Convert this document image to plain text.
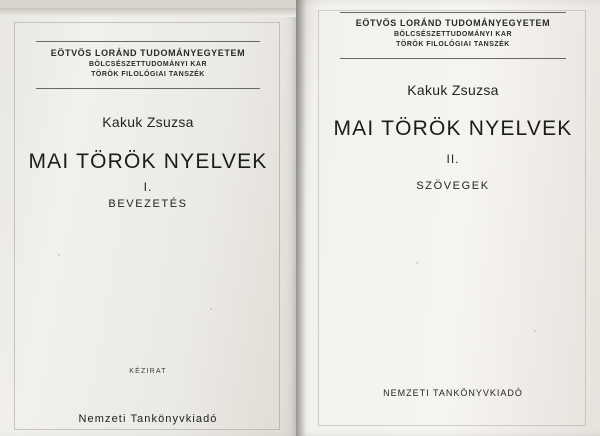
EÖTVÖS LORÁND TUDOMÁNYEGYETEM
BÖLCSÉSZETTUDOMÁNYI KAR
TÖRÖK FILOLÓGIAI TANSZÉK
Kakuk Zsuzsa
MAI TÖRÖK NYELVEK
I.
BEVEZETÉS
KÉZIRAT
Nemzeti Tankönyvkiadó
EÖTVÖS LORÁND TUDOMÁNYEGYETEM
BÖLCSÉSZETTUDOMÁNYI KAR
TÖRÖK FILOLÓGIAI TANSZÉK
Kakuk Zsuzsa
MAI TÖRÖK NYELVEK
II.
SZÖVEGEK
NEMZETI TANKÖNYVKIADÓ
